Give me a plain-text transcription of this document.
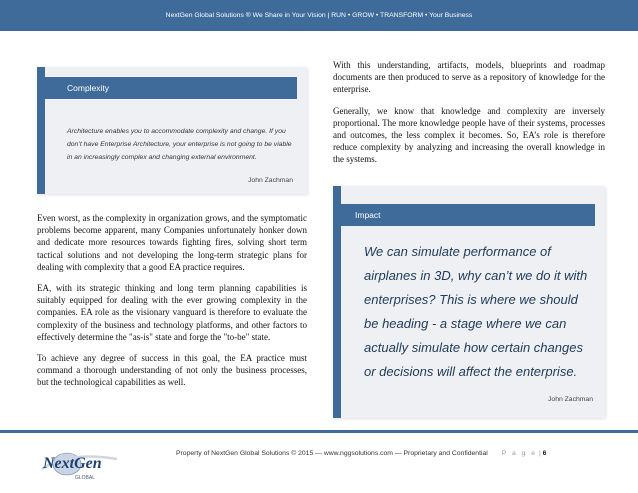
NextGen Global Solutions ® We Share in Your Vision | RUN • GROW • TRANSFORM • Your Business
Complexity
Architecture enables you to accommodate complexity and change. If you don’t have Enterprise Architecture, your enterprise is not going to be viable in an increasingly complex and changing external environment.
John Zachman

Even worst, as the complexity in organization grows, and the symptomatic problems become apparent, many Companies unfortunately honker down and dedicate more resources towards fighting fires, solving short term tactical solutions and not developing the long-term strategic plans for dealing with complexity that a good EA practice requires.

EA, with its strategic thinking and long term planning capabilities is suitably equipped for dealing with the ever growing complexity in the companies. EA role as the visionary vanguard is therefore to evaluate the complexity of the business and technology platforms, and other factors to effectively determine the "as-is" state and forge the "to-be" state.

To achieve any degree of success in this goal, the EA practice must command a thorough understanding of not only the business processes, but the technological capabilities as well.

With this understanding, artifacts, models, blueprints and roadmap documents are then produced to serve as a repository of knowledge for the enterprise.

Generally, we know that knowledge and complexity are inversely proportional. The more knowledge people have of their systems, processes and outcomes, the less complex it becomes. So, EA’s role is therefore reduce complexity by analyzing and increasing the overall knowledge in the systems.

Impact
We can simulate performance of airplanes in 3D, why can’t we do it with enterprises? This is where we should be heading - a stage where we can actually simulate how certain changes or decisions will affect the enterprise.
John Zachman
NextGen
GLOBAL
Property of NextGen Global Solutions © 2015 — www.nggsolutions.com — Proprietary and Confidential P a g e | 6
